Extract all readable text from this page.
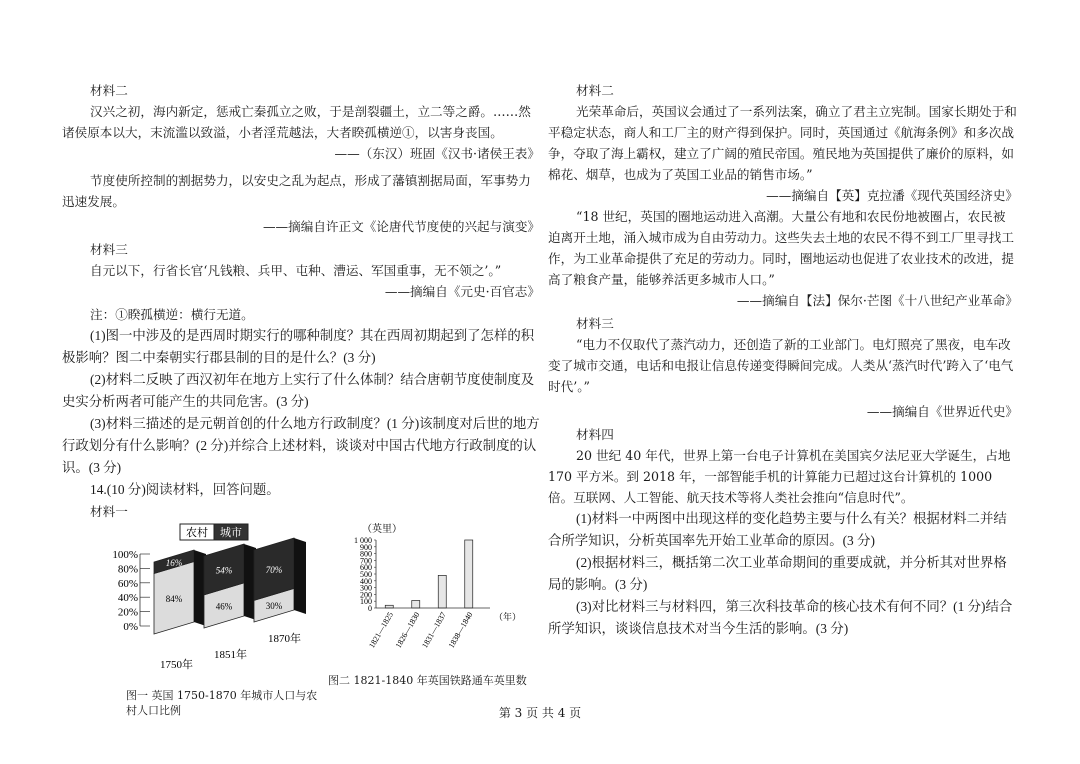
材料二

汉兴之初，海内新定，惩戒亡秦孤立之败，于是剖裂疆土，立二等之爵。……然诸侯原本以大，末流滥以致溢，小者淫荒越法，大者睽孤横逆①，以害身丧国。

——（东汉）班固《汉书·诸侯王表》

节度使所控制的割据势力，以安史之乱为起点，形成了藩镇割据局面，军事势力迅速发展。

——摘编自许正文《论唐代节度使的兴起与演变》

材料三

自元以下，行省长官‘凡钱粮、兵甲、屯种、漕运、军国重事，无不领之’。”

——摘编自《元史·百官志》

注：①睽孤横逆：横行无道。

(1)图一中涉及的是西周时期实行的哪种制度？其在西周初期起到了怎样的积极影响？图二中秦朝实行郡县制的目的是什么？(3 分)

(2)材料二反映了西汉初年在地方上实行了什么体制？结合唐朝节度使制度及史实分析两者可能产生的共同危害。(3 分)

(3)材料三描述的是元朝首创的什么地方行政制度？(1 分)该制度对后世的地方行政划分有什么影响？(2 分)并综合上述材料，谈谈对中国古代地方行政制度的认识。(3 分)

14.(10 分)阅读材料，回答问题。

材料一

农村 城市
100%
80%
60%
40%
20%
0%
84%
16%
46%
54%
30%
70%
1750年
1851年
1870年
图一 英国 1750-1870 年城市人口与农村人口比例
（英里）
1 000
900
800
700
600
500
400
300
200
100
0
1821—1825
1826—1830
1831—1837
1838—1840 （年）
图二 1821-1840 年英国铁路通车英里数

材料二

光荣革命后，英国议会通过了一系列法案，确立了君主立宪制。国家长期处于和平稳定状态，商人和工厂主的财产得到保护。同时，英国通过《航海条例》和多次战争，夺取了海上霸权，建立了广阔的殖民帝国。殖民地为英国提供了廉价的原料，如棉花、烟草，也成为了英国工业品的销售市场。”

——摘编自【英】克拉潘《现代英国经济史》

“18 世纪，英国的圈地运动进入高潮。大量公有地和农民份地被圈占，农民被迫离开土地，涌入城市成为自由劳动力。这些失去土地的农民不得不到工厂里寻找工作，为工业革命提供了充足的劳动力。同时，圈地运动也促进了农业技术的改进，提高了粮食产量，能够养活更多城市人口。”

——摘编自【法】保尔·芒图《十八世纪产业革命》

材料三

“电力不仅取代了蒸汽动力，还创造了新的工业部门。电灯照亮了黑夜，电车改变了城市交通，电话和电报让信息传递变得瞬间完成。人类从‘蒸汽时代’跨入了‘电气时代’。”

——摘编自《世界近代史》

材料四

20 世纪 40 年代，世界上第一台电子计算机在美国宾夕法尼亚大学诞生，占地 170 平方米。到 2018 年，一部智能手机的计算能力已超过这台计算机的 1000 倍。互联网、人工智能、航天技术等将人类社会推向“信息时代”。

(1)材料一中两图中出现这样的变化趋势主要与什么有关？根据材料二并结合所学知识，分析英国率先开始工业革命的原因。(3 分)

(2)根据材料三，概括第二次工业革命期间的重要成就，并分析其对世界格局的影响。(3 分)

(3)对比材料三与材料四，第三次科技革命的核心技术有何不同？(1 分)结合所学知识，谈谈信息技术对当今生活的影响。(3 分)

第 3 页 共 4 页
